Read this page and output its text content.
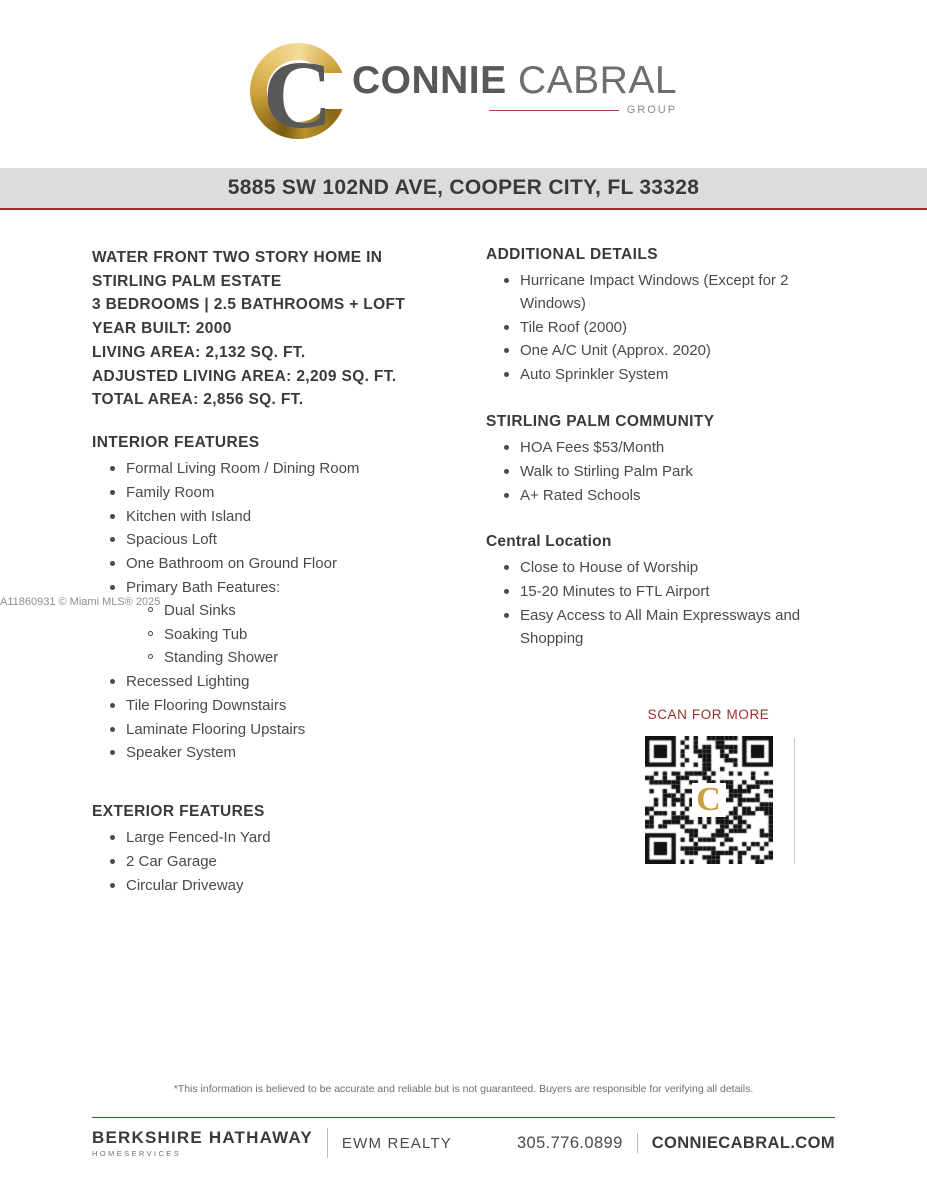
C CONNIE CABRAL
GROUP
5885 SW 102ND AVE, COOPER CITY, FL 33328
WATER FRONT TWO STORY HOME IN
STIRLING PALM ESTATE
3 BEDROOMS | 2.5 BATHROOMS + LOFT
YEAR BUILT: 2000
LIVING AREA: 2,132 SQ. FT.
ADJUSTED LIVING AREA: 2,209 SQ. FT.
TOTAL AREA: 2,856 SQ. FT.
INTERIOR FEATURES
Formal Living Room / Dining Room
Family Room
Kitchen with Island
Spacious Loft
One Bathroom on Ground Floor
Primary Bath Features:
Dual Sinks
Soaking Tub
Standing Shower
Recessed Lighting
Tile Flooring Downstairs
Laminate Flooring Upstairs
Speaker System
EXTERIOR FEATURES
Large Fenced-In Yard
2 Car Garage
Circular Driveway
ADDITIONAL DETAILS
Hurricane Impact Windows (Except for 2 Windows)
Tile Roof (2000)
One A/C Unit (Approx. 2020)
Auto Sprinkler System
STIRLING PALM COMMUNITY
HOA Fees $53/Month
Walk to Stirling Palm Park
A+ Rated Schools
Central Location
Close to House of Worship
15-20 Minutes to FTL Airport
Easy Access to All Main Expressways and Shopping
SCAN FOR MORE
C
A11860931 © Miami MLS® 2025
*This information is believed to be accurate and reliable but is not guaranteed. Buyers are responsible for verifying all details.
BERKSHIRE HATHAWAY
HOMESERVICES
EWM REALTY	305.776.0899 CONNIECABRAL.COM
